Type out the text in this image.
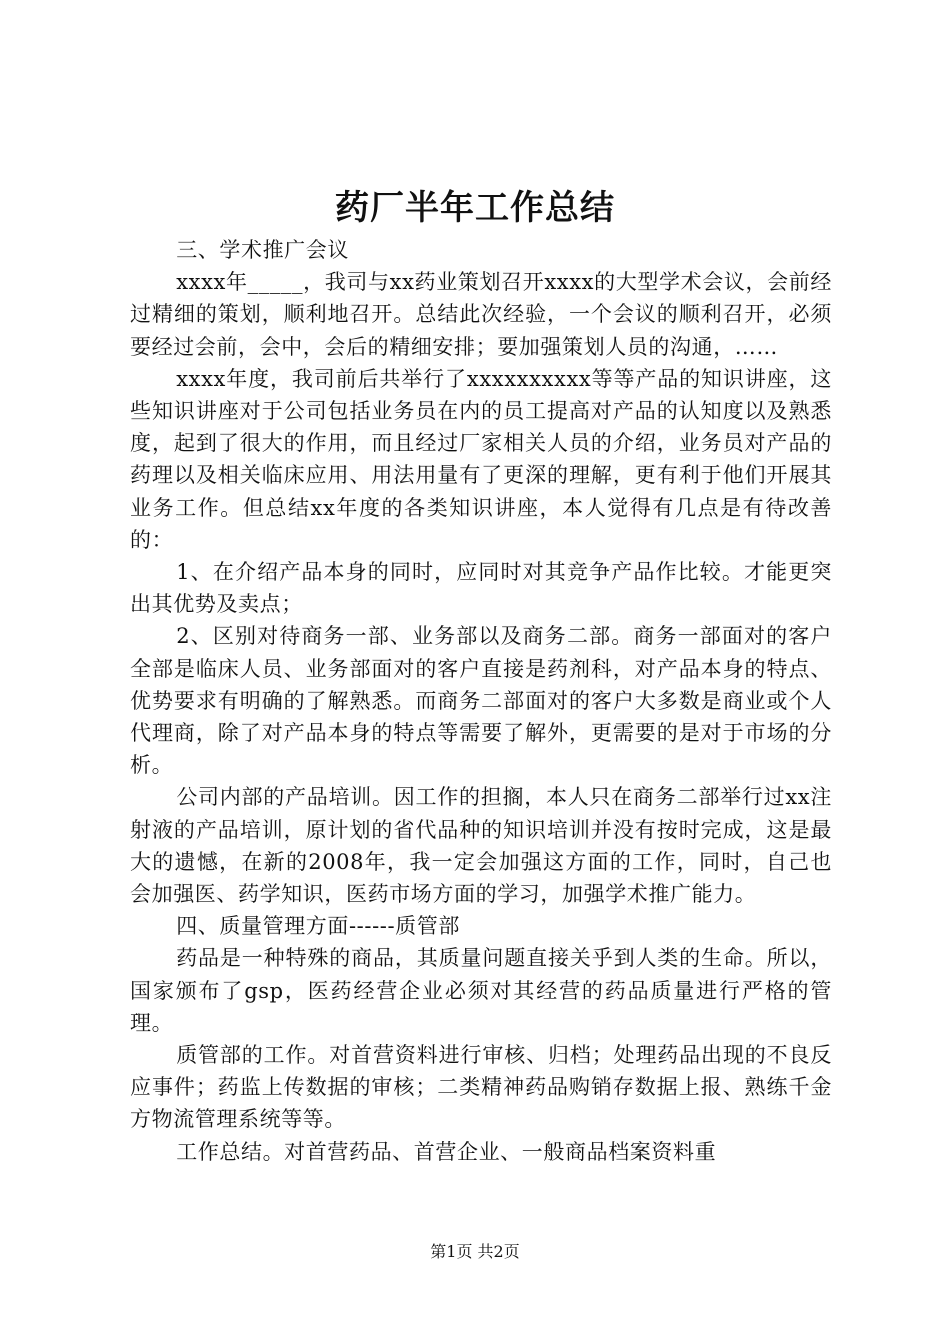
药厂半年工作总结

三、学术推广会议

xxxx年_____，我司与xx药业策划召开xxxx的大型学术会议，会前经过精细的策划，顺利地召开。总结此次经验，一个会议的顺利召开，必须要经过会前，会中，会后的精细安排；要加强策划人员的沟通，……

xxxx年度，我司前后共举行了xxxxxxxxxx等等产品的知识讲座，这些知识讲座对于公司包括业务员在内的员工提高对产品的认知度以及熟悉度，起到了很大的作用，而且经过厂家相关人员的介绍，业务员对产品的药理以及相关临床应用、用法用量有了更深的理解，更有利于他们开展其业务工作。但总结xx年度的各类知识讲座，本人觉得有几点是有待改善的：

1、在介绍产品本身的同时，应同时对其竞争产品作比较。才能更突出其优势及卖点；

2、区别对待商务一部、业务部以及商务二部。商务一部面对的客户全部是临床人员、业务部面对的客户直接是药剂科，对产品本身的特点、优势要求有明确的了解熟悉。而商务二部面对的客户大多数是商业或个人代理商，除了对产品本身的特点等需要了解外，更需要的是对于市场的分析。

公司内部的产品培训。因工作的担搁，本人只在商务二部举行过xx注射液的产品培训，原计划的省代品种的知识培训并没有按时完成，这是最大的遗憾，在新的2008年，我一定会加强这方面的工作，同时，自己也会加强医、药学知识，医药市场方面的学习，加强学术推广能力。

四、质量管理方面------质管部

药品是一种特殊的商品，其质量问题直接关乎到人类的生命。所以，国家颁布了gsp，医药经营企业必须对其经营的药品质量进行严格的管理。

质管部的工作。对首营资料进行审核、归档；处理药品出现的不良反应事件；药监上传数据的审核；二类精神药品购销存数据上报、熟练千金方物流管理系统等等。

工作总结。对首营药品、首营企业、一般商品档案资料重

第1页 共2页
